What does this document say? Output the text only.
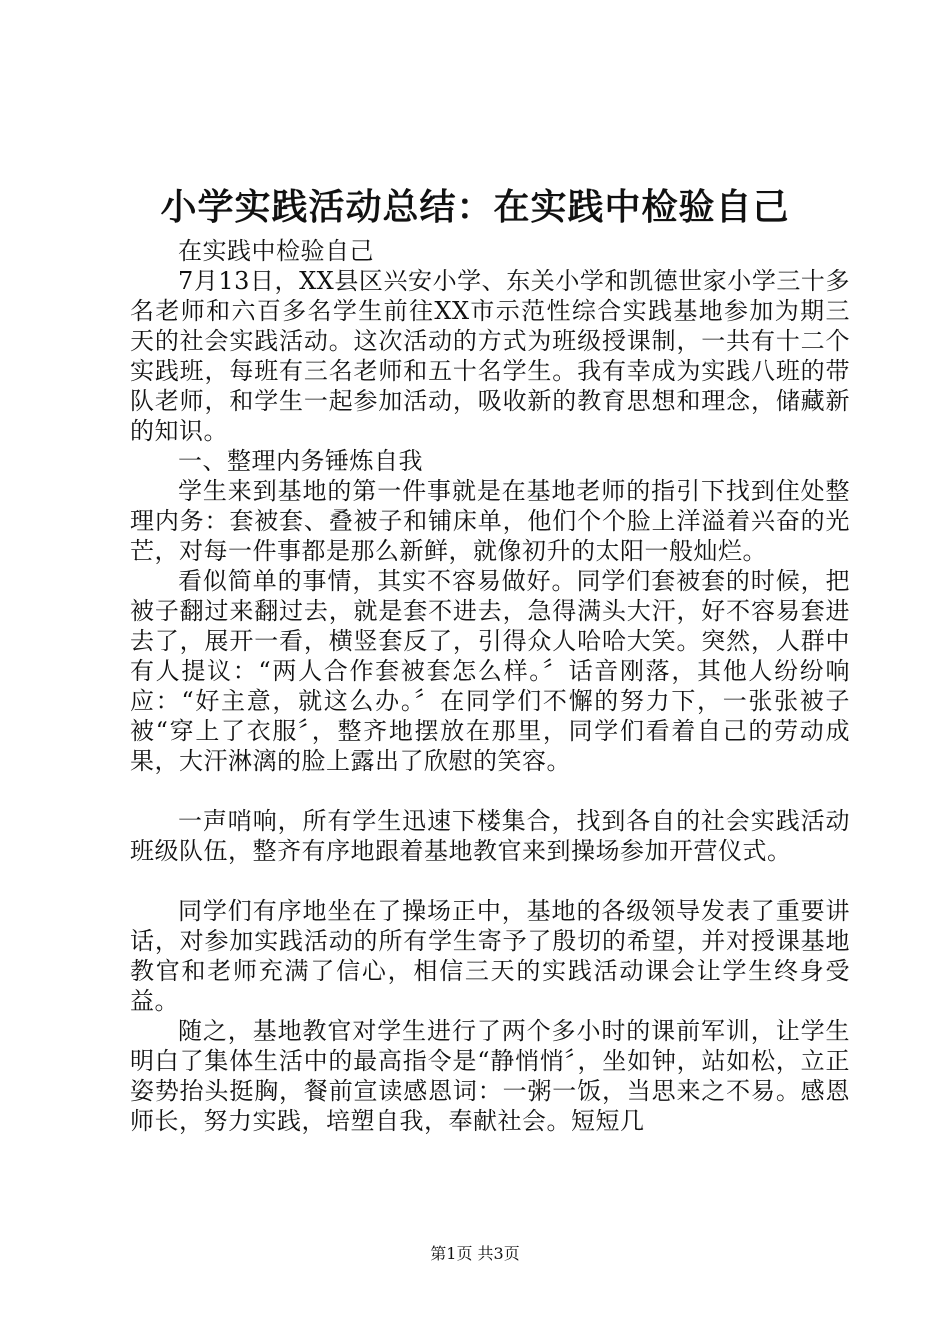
小学实践活动总结：在实践中检验自己

在实践中检验自己

7月13日，XX县区兴安小学、东关小学和凯德世家小学三十多名老师和六百多名学生前往XX市示范性综合实践基地参加为期三天的社会实践活动。这次活动的方式为班级授课制，一共有十二个实践班，每班有三名老师和五十名学生。我有幸成为实践八班的带队老师，和学生一起参加活动，吸收新的教育思想和理念，储藏新的知识。

一、整理内务锤炼自我

学生来到基地的第一件事就是在基地老师的指引下找到住处整理内务：套被套、叠被子和铺床单，他们个个脸上洋溢着兴奋的光芒，对每一件事都是那么新鲜，就像初升的太阳一般灿烂。

看似简单的事情，其实不容易做好。同学们套被套的时候，把被子翻过来翻过去，就是套不进去，急得满头大汗，好不容易套进去了，展开一看，横竖套反了，引得众人哈哈大笑。突然，人群中有人提议：“两人合作套被套怎么样。〞话音刚落，其他人纷纷响应：“好主意，就这么办。〞在同学们不懈的努力下，一张张被子被“穿上了衣服〞，整齐地摆放在那里，同学们看着自己的劳动成果，大汗淋漓的脸上露出了欣慰的笑容。

一声哨响，所有学生迅速下楼集合，找到各自的社会实践活动班级队伍，整齐有序地跟着基地教官来到操场参加开营仪式。

同学们有序地坐在了操场正中，基地的各级领导发表了重要讲话，对参加实践活动的所有学生寄予了殷切的希望，并对授课基地教官和老师充满了信心，相信三天的实践活动课会让学生终身受益。

随之，基地教官对学生进行了两个多小时的课前军训，让学生明白了集体生活中的最高指令是“静悄悄〞，坐如钟，站如松，立正姿势抬头挺胸，餐前宣读感恩词：一粥一饭，当思来之不易。感恩师长，努力实践，培塑自我，奉献社会。短短几

第1页 共3页
